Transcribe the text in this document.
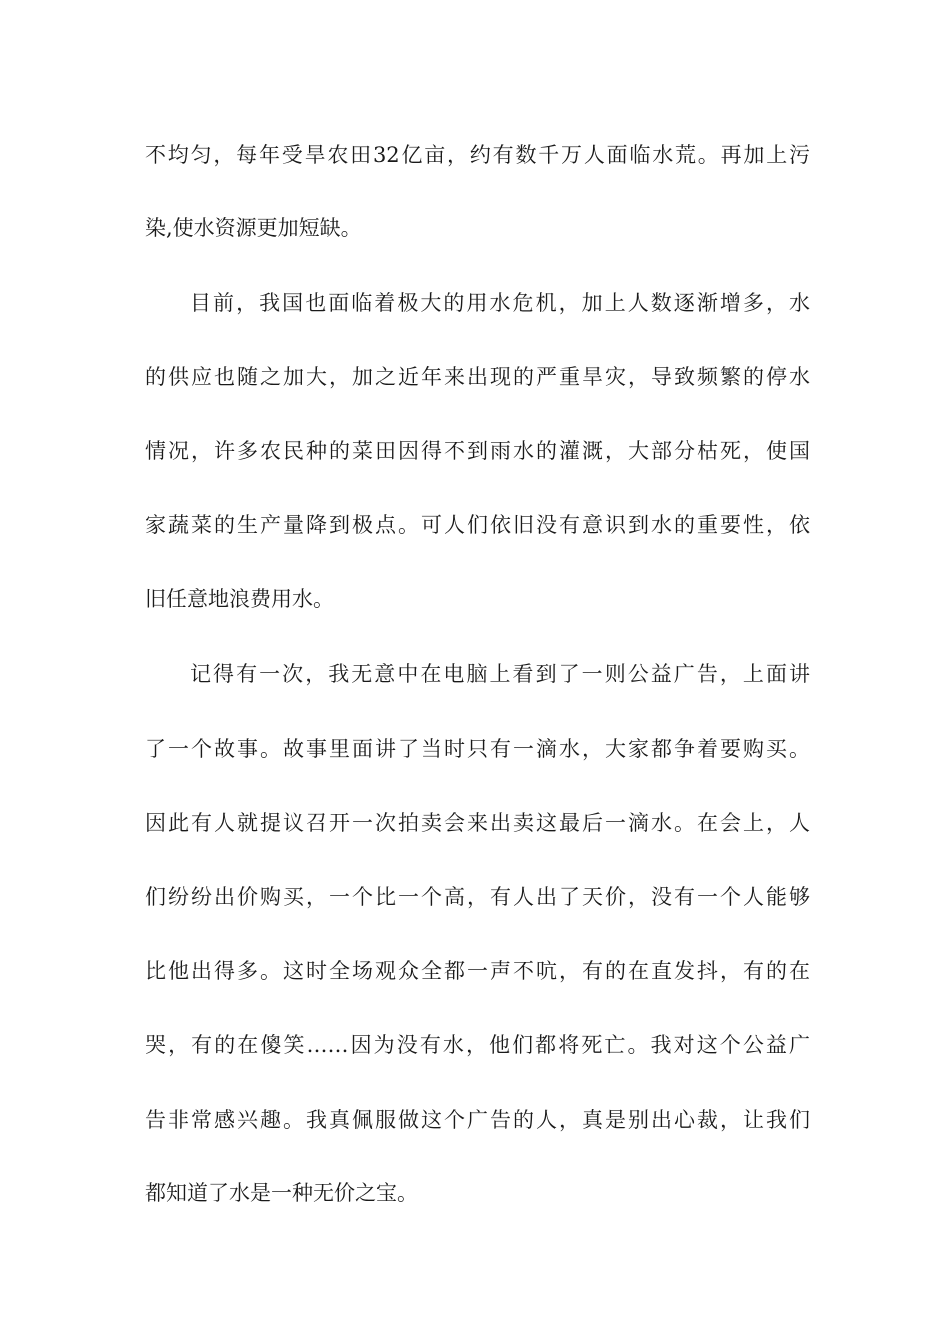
不均匀，每年受旱农田32亿亩，约有数千万人面临水荒。再加上污
染,使水资源更加短缺。
目前，我国也面临着极大的用水危机，加上人数逐渐增多，水
的供应也随之加大，加之近年来出现的严重旱灾，导致频繁的停水
情况，许多农民种的菜田因得不到雨水的灌溉，大部分枯死，使国
家蔬菜的生产量降到极点。可人们依旧没有意识到水的重要性，依
旧任意地浪费用水。
记得有一次，我无意中在电脑上看到了一则公益广告，上面讲
了一个故事。故事里面讲了当时只有一滴水，大家都争着要购买。
因此有人就提议召开一次拍卖会来出卖这最后一滴水。在会上，人
们纷纷出价购买，一个比一个高，有人出了天价，没有一个人能够
比他出得多。这时全场观众全都一声不吭，有的在直发抖，有的在
哭，有的在傻笑……因为没有水，他们都将死亡。我对这个公益广
告非常感兴趣。我真佩服做这个广告的人，真是别出心裁，让我们
都知道了水是一种无价之宝。
